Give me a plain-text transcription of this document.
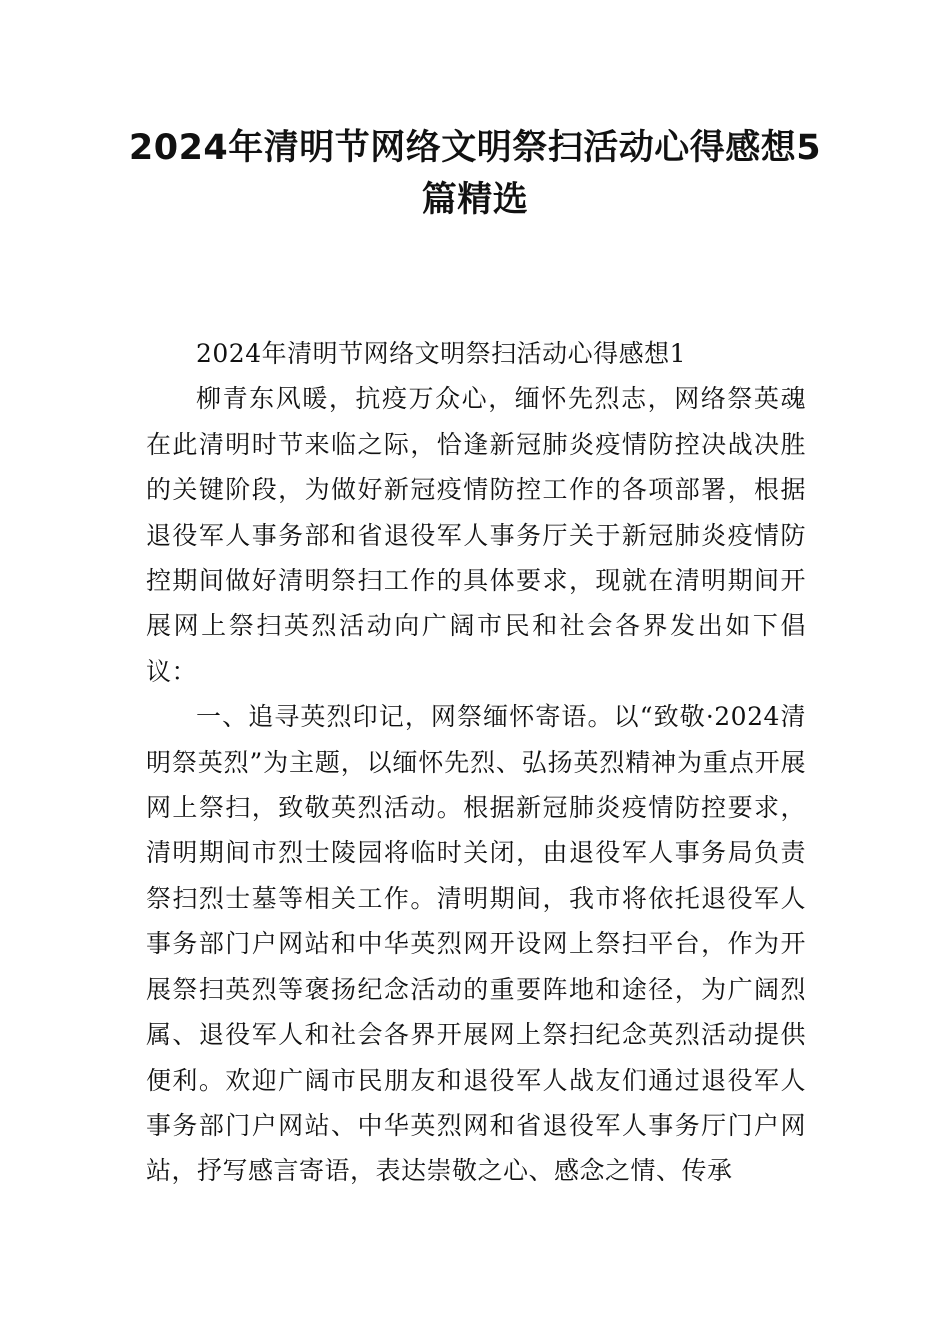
2024年清明节网络文明祭扫活动心得感想5篇精选

2024年清明节网络文明祭扫活动心得感想1

柳青东风暖，抗疫万众心，缅怀先烈志，网络祭英魂在此清明时节来临之际，恰逢新冠肺炎疫情防控决战决胜的关键阶段，为做好新冠疫情防控工作的各项部署，根据退役军人事务部和省退役军人事务厅关于新冠肺炎疫情防控期间做好清明祭扫工作的具体要求，现就在清明期间开展网上祭扫英烈活动向广阔市民和社会各界发出如下倡议：

一、追寻英烈印记，网祭缅怀寄语。以“致敬·2024清明祭英烈”为主题，以缅怀先烈、弘扬英烈精神为重点开展网上祭扫，致敬英烈活动。根据新冠肺炎疫情防控要求，清明期间市烈士陵园将临时关闭，由退役军人事务局负责祭扫烈士墓等相关工作。清明期间，我市将依托退役军人事务部门户网站和中华英烈网开设网上祭扫平台，作为开展祭扫英烈等褒扬纪念活动的重要阵地和途径，为广阔烈属、退役军人和社会各界开展网上祭扫纪念英烈活动提供便利。欢迎广阔市民朋友和退役军人战友们通过退役军人事务部门户网站、中华英烈网和省退役军人事务厅门户网站，抒写感言寄语，表达崇敬之心、感念之情、传承
